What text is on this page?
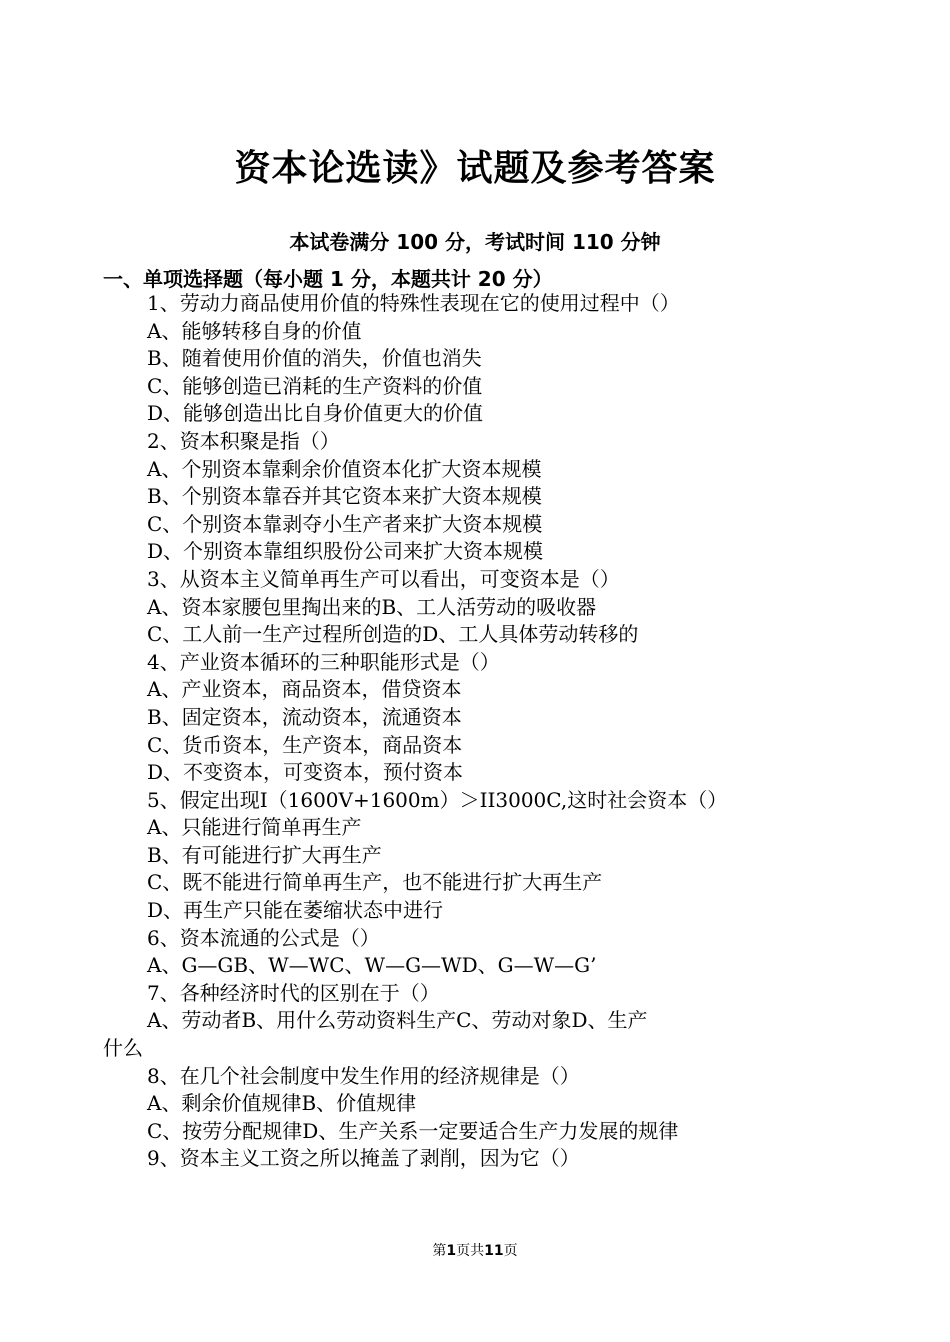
资本论选读》试题及参考答案
本试卷满分 100 分，考试时间 110 分钟
一、单项选择题（每小题 1 分，本题共计 20 分）
1、劳动力商品使用价值的特殊性表现在它的使用过程中（）
A、能够转移自身的价值
B、随着使用价值的消失，价值也消失
C、能够创造已消耗的生产资料的价值
D、能够创造出比自身价值更大的价值
2、资本积聚是指（）
A、个别资本靠剩余价值资本化扩大资本规模
B、个别资本靠吞并其它资本来扩大资本规模
C、个别资本靠剥夺小生产者来扩大资本规模
D、个别资本靠组织股份公司来扩大资本规模
3、从资本主义简单再生产可以看出，可变资本是（）
A、资本家腰包里掏出来的B、工人活劳动的吸收器
C、工人前一生产过程所创造的D、工人具体劳动转移的
4、产业资本循环的三种职能形式是（）
A、产业资本，商品资本，借贷资本
B、固定资本，流动资本，流通资本
C、货币资本，生产资本，商品资本
D、不变资本，可变资本，预付资本
5、假定出现Ⅰ（1600V+1600m）＞II3000C,这时社会资本（）
A、只能进行简单再生产
B、有可能进行扩大再生产
C、既不能进行简单再生产，也不能进行扩大再生产
D、再生产只能在萎缩状态中进行
6、资本流通的公式是（）
A、G—GB、W—WC、W—G—WD、G—W—G’
7、各种经济时代的区别在于（）
A、劳动者B、用什么劳动资料生产C、劳动对象D、生产
什么
8、在几个社会制度中发生作用的经济规律是（）
A、剩余价值规律B、价值规律
C、按劳分配规律D、生产关系一定要适合生产力发展的规律
9、资本主义工资之所以掩盖了剥削，因为它（）
第1页共11页
